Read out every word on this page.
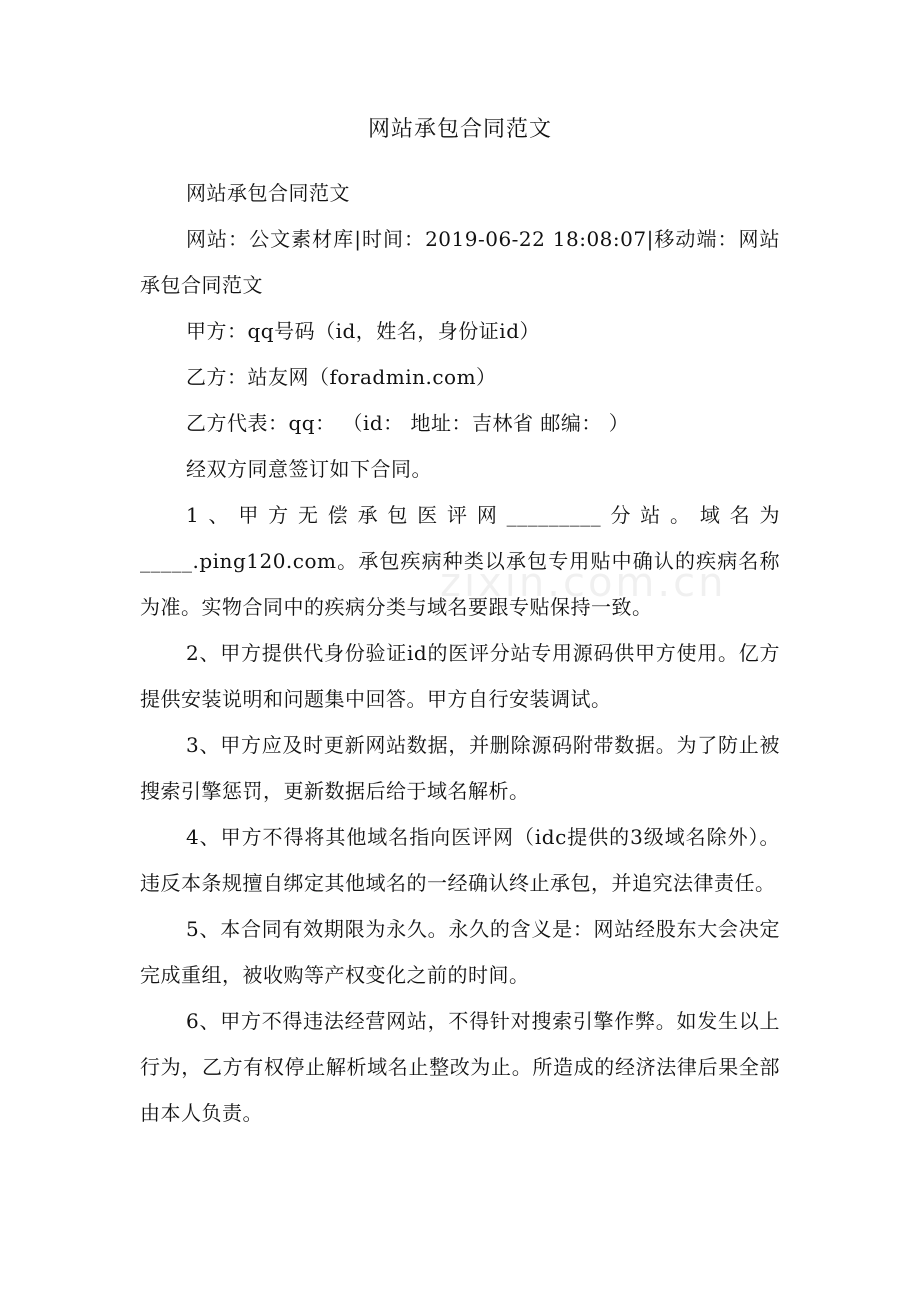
网站承包合同范文
zixin.com.cn

网站承包合同范文

网站：公文素材库|时间：2019-06-22 18:08:07|移动端：网站承包合同范文

甲方：qq号码（id，姓名，身份证id）

乙方：站友网（foradmin.com）

乙方代表：qq： （id： 地址：吉林省 邮编： ）

经双方同意签订如下合同。

1、甲方无偿承包医评网_________分站。域名为_____.ping120.com。承包疾病种类以承包专用贴中确认的疾病名称为准。实物合同中的疾病分类与域名要跟专贴保持一致。

2、甲方提供代身份验证id的医评分站专用源码供甲方使用。亿方提供安装说明和问题集中回答。甲方自行安装调试。

3、甲方应及时更新网站数据，并删除源码附带数据。为了防止被搜索引擎惩罚，更新数据后给于域名解析。

4、甲方不得将其他域名指向医评网（idc提供的3级域名除外）。违反本条规擅自绑定其他域名的一经确认终止承包，并追究法律责任。

5、本合同有效期限为永久。永久的含义是：网站经股东大会决定完成重组，被收购等产权变化之前的时间。

6、甲方不得违法经营网站，不得针对搜索引擎作弊。如发生以上行为，乙方有权停止解析域名止整改为止。所造成的经济法律后果全部由本人负责。
